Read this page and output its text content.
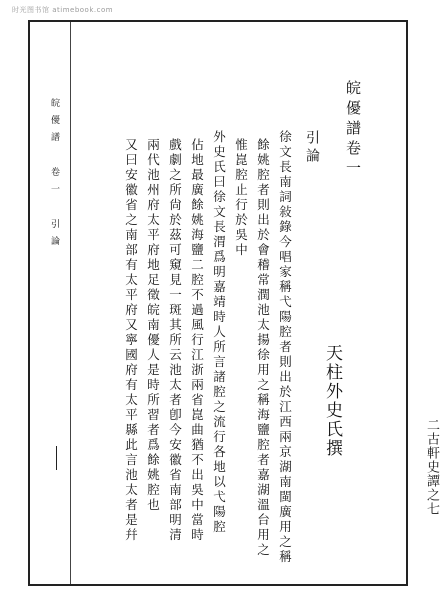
时光图书馆 atimebook.com
皖優譜 卷一 引論
二古軒史譚之七
皖優譜卷一
天柱外史氏撰
引論
徐文長南詞敍錄今唱家稱弋陽腔者則出於江西兩京湖南閩廣用之稱
餘姚腔者則出於會稽常潤池太揚徐用之稱海鹽腔者嘉湖溫台用之
惟崑腔止行於吳中
外史氏曰徐文長渭爲明嘉靖時人所言諸腔之流行各地以弋陽腔
佔地最廣餘姚海鹽二腔不過風行江浙兩省崑曲猶不出吳中當時
戲劇之所尙於茲可窺見一斑其所云池太者卽今安徽省南部明清
兩代池州府太平府地足徵皖南優人是時所習者爲餘姚腔也
又曰安徽省之南部有太平府又寧國府有太平縣此言池太者是幷
